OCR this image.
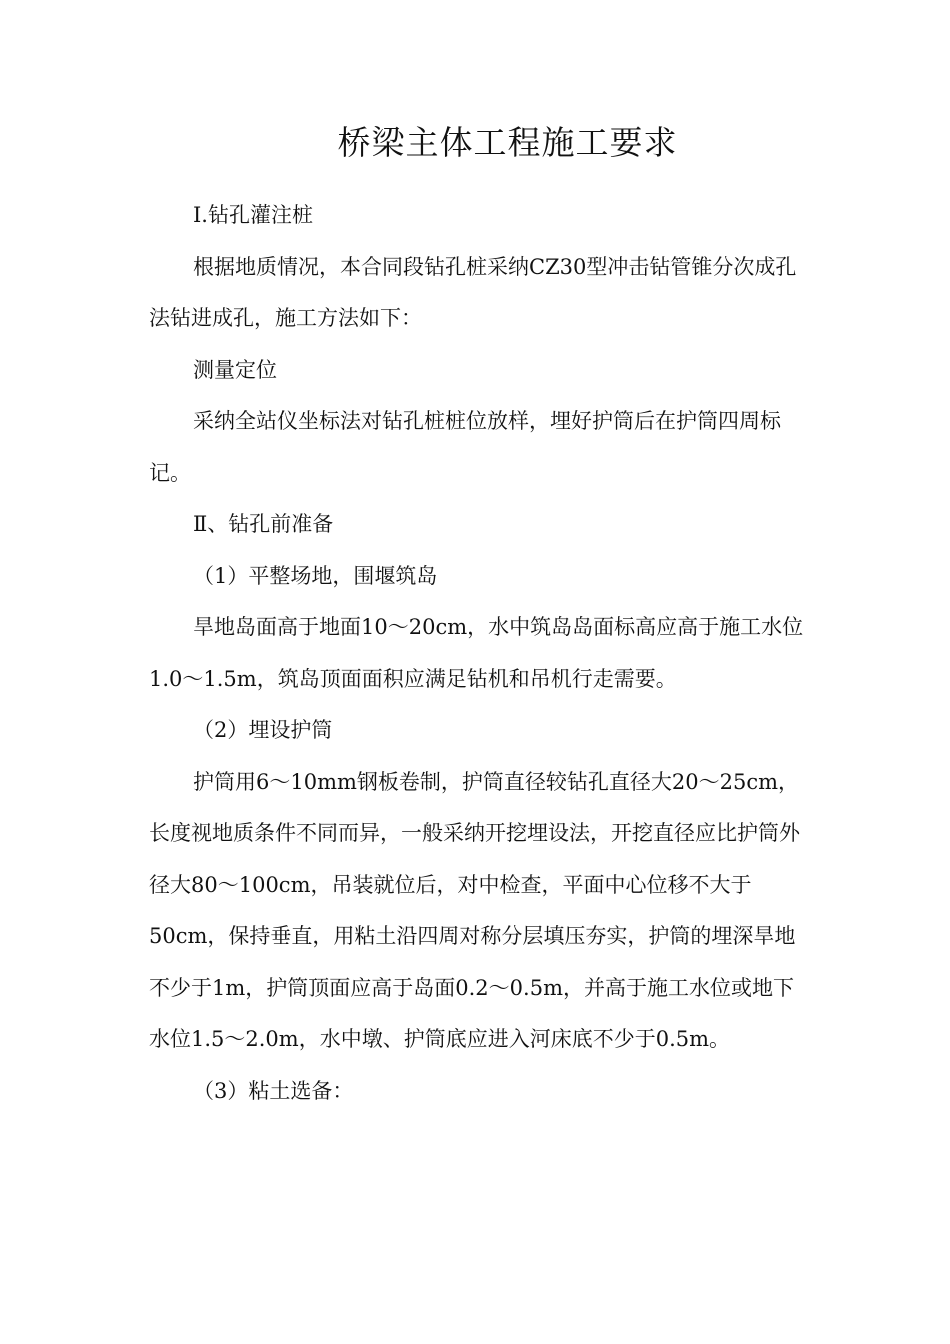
桥梁主体工程施工要求

I.钻孔灌注桩

根据地质情况，本合同段钻孔桩采纳CZ30型冲击钻管锥分次成孔法钻进成孔，施工方法如下：

测量定位

采纳全站仪坐标法对钻孔桩桩位放样，埋好护筒后在护筒四周标记。

Ⅱ、钻孔前准备

（1）平整场地，围堰筑岛

旱地岛面高于地面10～20cm，水中筑岛岛面标高应高于施工水位1.0～1.5m，筑岛顶面面积应满足钻机和吊机行走需要。

（2）埋设护筒

护筒用6～10mm钢板卷制，护筒直径较钻孔直径大20～25cm，长度视地质条件不同而异，一般采纳开挖埋设法，开挖直径应比护筒外径大80～100cm，吊装就位后，对中检查，平面中心位移不大于50cm，保持垂直，用粘土沿四周对称分层填压夯实，护筒的埋深旱地不少于1m，护筒顶面应高于岛面0.2～0.5m，并高于施工水位或地下水位1.5～2.0m，水中墩、护筒底应进入河床底不少于0.5m。

（3）粘土选备：
